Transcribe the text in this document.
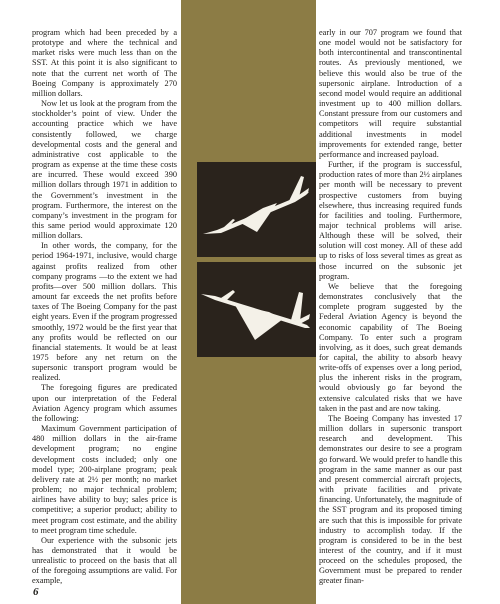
program which had been preceded by a prototype and where the technical and market risks were much less than on the SST. At this point it is also significant to note that the current net worth of The Boeing Company is approximately 270 million dollars.

Now let us look at the program from the stockholder’s point of view. Under the accounting practice which we have consistently followed, we charge developmental costs and the general and administrative cost applicable to the program as expense at the time these costs are incurred. These would exceed 390 million dollars through 1971 in addition to the Government’s investment in the program. Furthermore, the interest on the company’s investment in the program for this same period would approximate 120 million dollars.

In other words, the company, for the period 1964-1971, inclusive, would charge against profits realized from other company programs —to the extent we had profits—over 500 million dollars. This amount far exceeds the net profits before taxes of The Boeing Company for the past eight years. Even if the program progressed smoothly, 1972 would be the first year that any profits would be reflected on our financial statements. It would be at least 1975 before any net return on the supersonic transport program would be realized.

The foregoing figures are predicated upon our interpretation of the Federal Aviation Agency program which assumes the following:

Maximum Government participation of 480 million dollars in the air-frame development program; no engine development costs included; only one model type; 200-airplane program; peak delivery rate at 2½ per month; no market problem; no major technical problem; airlines have ability to buy; sales price is competitive; a superior product; ability to meet program cost estimate, and the ability to meet program time schedule.

Our experience with the subsonic jets has demonstrated that it would be unrealistic to proceed on the basis that all of the foregoing assumptions are valid. For example,

early in our 707 program we found that one model would not be satisfactory for both intercontinental and transcontinental routes. As previously mentioned, we believe this would also be true of the supersonic airplane. Introduction of a second model would require an additional investment up to 400 million dollars. Constant pressure from our customers and competitors will require substantial additional investments in model improvements for extended range, better performance and increased payload.

Further, if the program is successful, production rates of more than 2½ airplanes per month will be necessary to prevent prospective customers from buying elsewhere, thus increasing required funds for facilities and tooling. Furthermore, major technical problems will arise. Although these will be solved, their solution will cost money. All of these add up to risks of loss several times as great as those incurred on the subsonic jet program.

We believe that the foregoing demonstrates conclusively that the complete program suggested by the Federal Aviation Agency is beyond the economic capability of The Boeing Company. To enter such a program involving, as it does, such great demands for capital, the ability to absorb heavy write-offs of expenses over a long period, plus the inherent risks in the program, would obviously go far beyond the extensive calculated risks that we have taken in the past and are now taking.

The Boeing Company has invested 17 million dollars in supersonic transport research and development. This demonstrates our desire to see a program go forward. We would prefer to handle this program in the same manner as our past and present commercial aircraft projects, with private facilities and private financing. Unfortunately, the magnitude of the SST program and its proposed timing are such that this is impossible for private industry to accomplish today. If the program is considered to be in the best interest of the country, and if it must proceed on the schedules proposed, the Government must be prepared to render greater finan-

6
